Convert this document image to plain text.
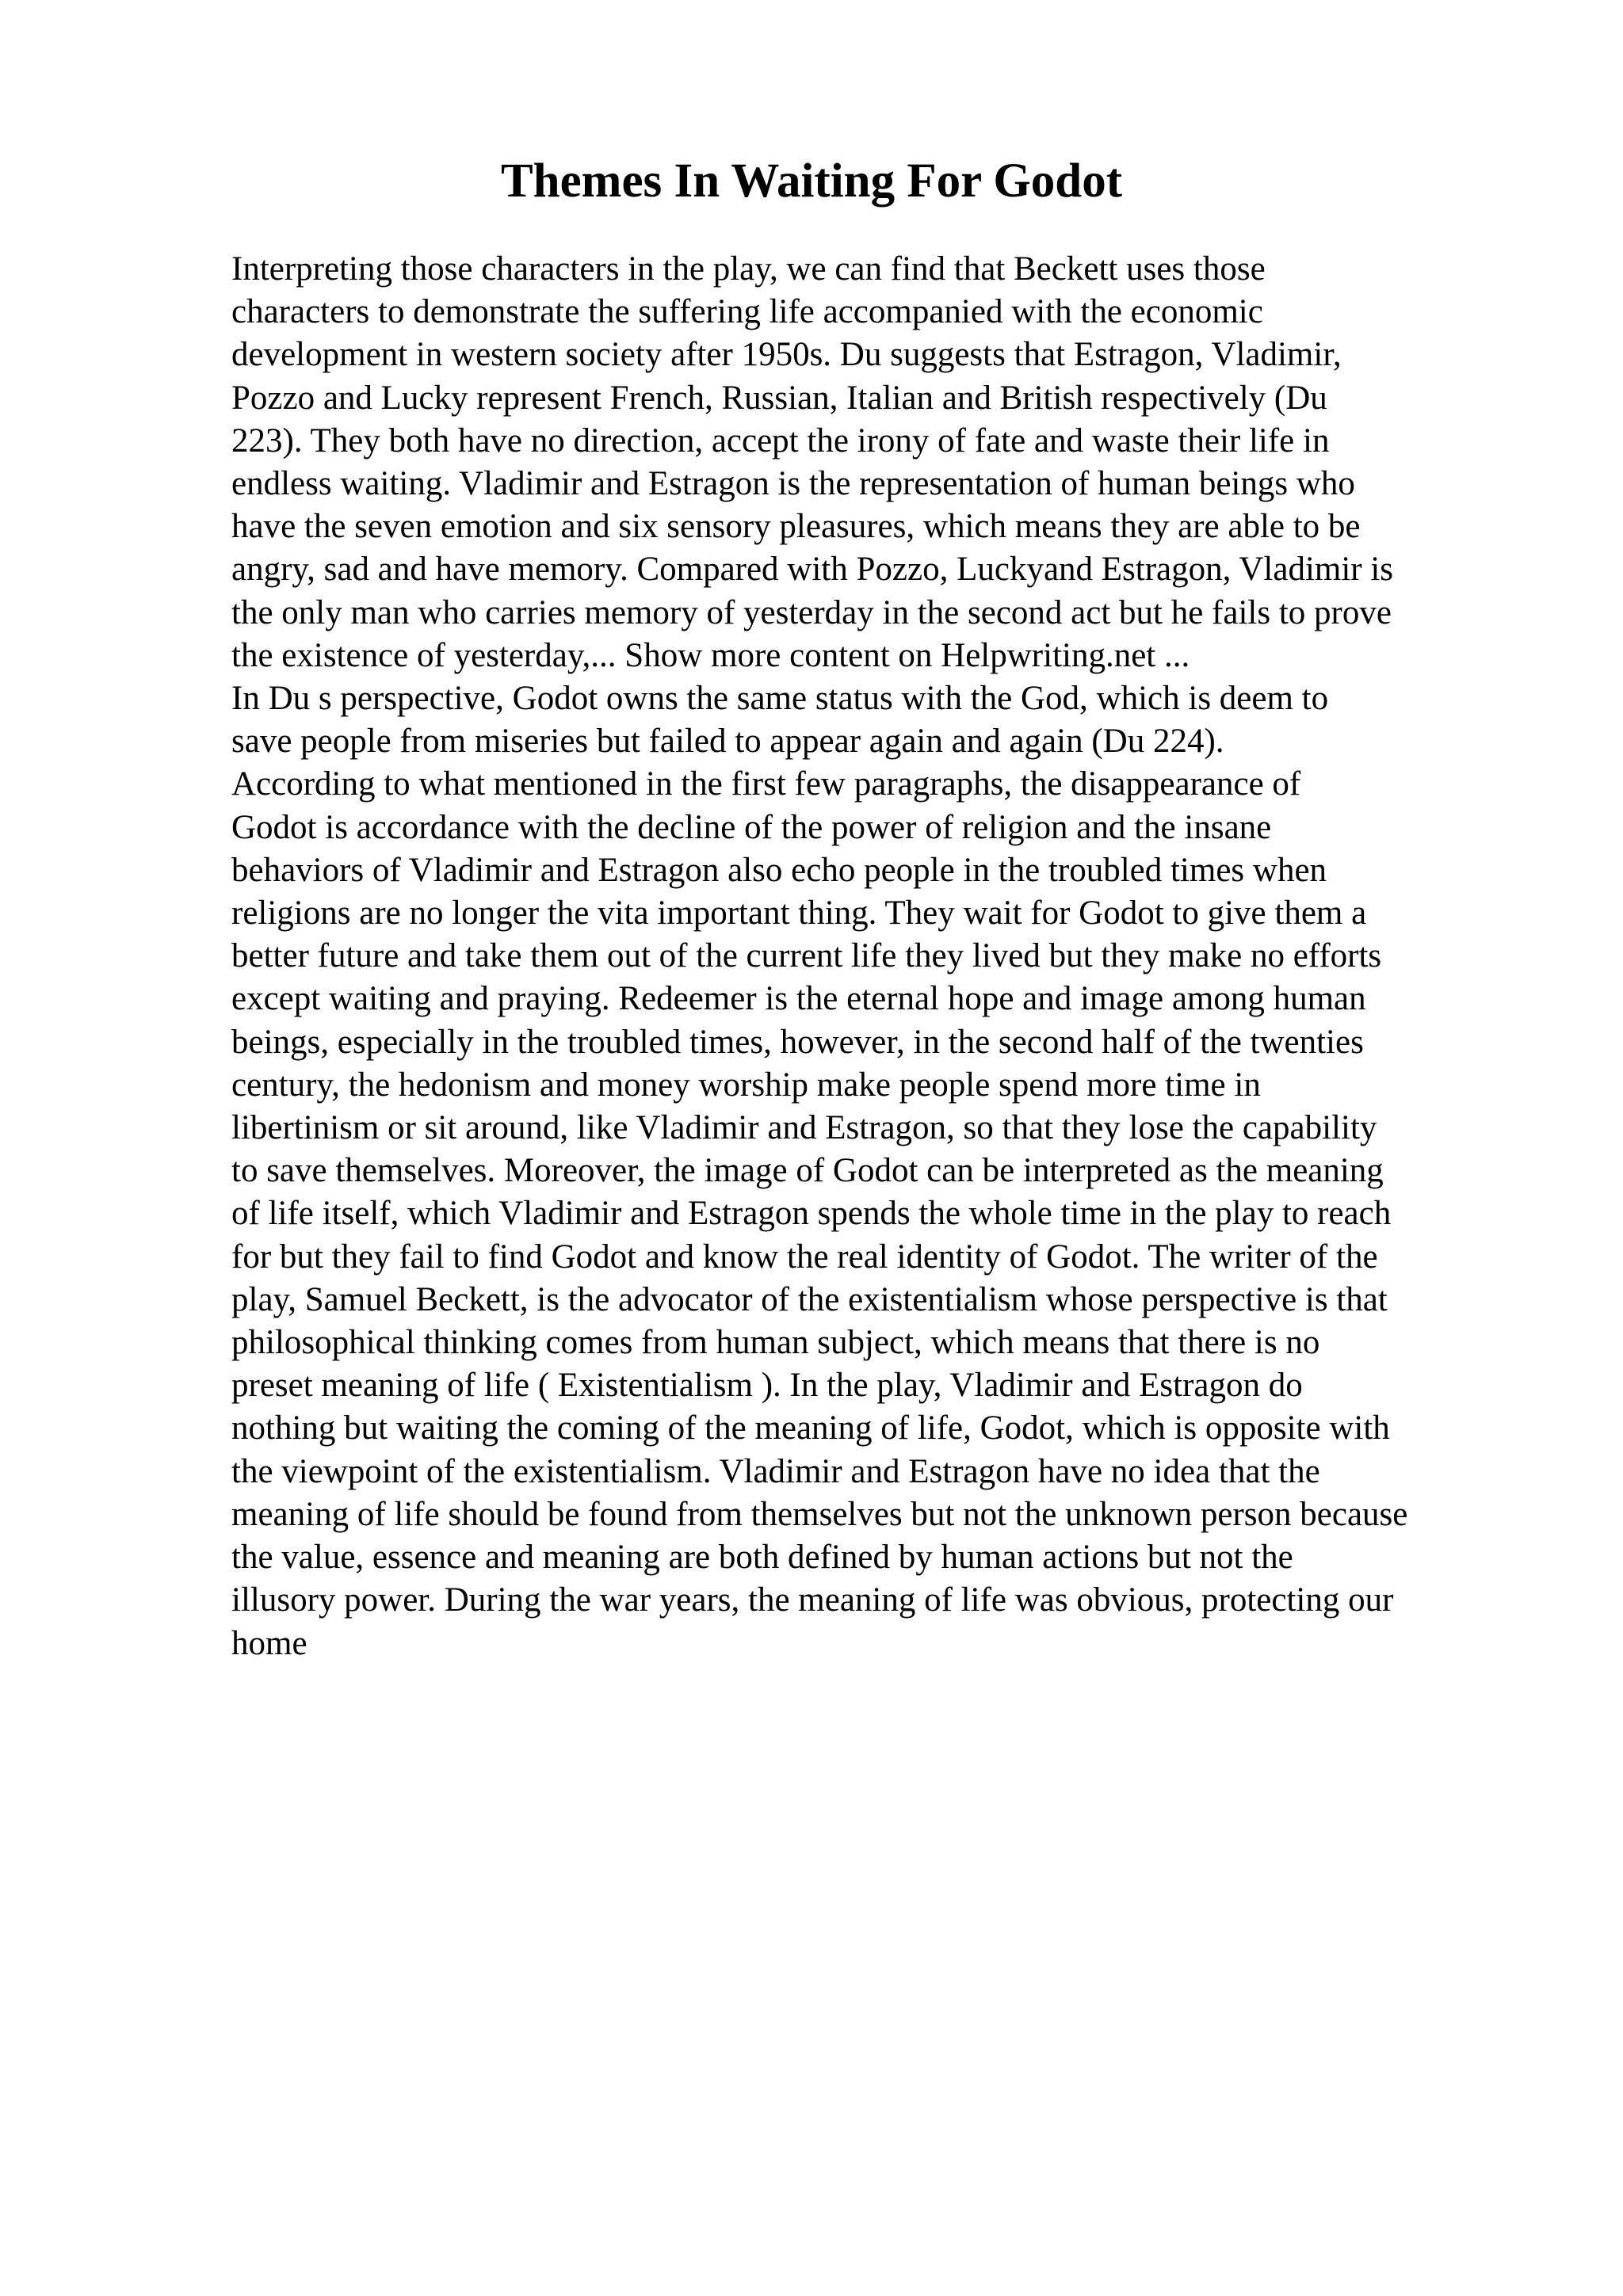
Themes In Waiting For Godot
Interpreting those characters in the play, we can find that Beckett uses those
characters to demonstrate the suffering life accompanied with the economic
development in western society after 1950s. Du suggests that Estragon, Vladimir,
Pozzo and Lucky represent French, Russian, Italian and British respectively (Du
223). They both have no direction, accept the irony of fate and waste their life in
endless waiting. Vladimir and Estragon is the representation of human beings who
have the seven emotion and six sensory pleasures, which means they are able to be
angry, sad and have memory. Compared with Pozzo, Luckyand Estragon, Vladimir is
the only man who carries memory of yesterday in the second act but he fails to prove
the existence of yesterday,... Show more content on Helpwriting.net ...
In Du s perspective, Godot owns the same status with the God, which is deem to
save people from miseries but failed to appear again and again (Du 224).
According to what mentioned in the first few paragraphs, the disappearance of
Godot is accordance with the decline of the power of religion and the insane
behaviors of Vladimir and Estragon also echo people in the troubled times when
religions are no longer the vita important thing. They wait for Godot to give them a
better future and take them out of the current life they lived but they make no efforts
except waiting and praying. Redeemer is the eternal hope and image among human
beings, especially in the troubled times, however, in the second half of the twenties
century, the hedonism and money worship make people spend more time in
libertinism or sit around, like Vladimir and Estragon, so that they lose the capability
to save themselves. Moreover, the image of Godot can be interpreted as the meaning
of life itself, which Vladimir and Estragon spends the whole time in the play to reach
for but they fail to find Godot and know the real identity of Godot. The writer of the
play, Samuel Beckett, is the advocator of the existentialism whose perspective is that
philosophical thinking comes from human subject, which means that there is no
preset meaning of life ( Existentialism ). In the play, Vladimir and Estragon do
nothing but waiting the coming of the meaning of life, Godot, which is opposite with
the viewpoint of the existentialism. Vladimir and Estragon have no idea that the
meaning of life should be found from themselves but not the unknown person because
the value, essence and meaning are both defined by human actions but not the
illusory power. During the war years, the meaning of life was obvious, protecting our
home
